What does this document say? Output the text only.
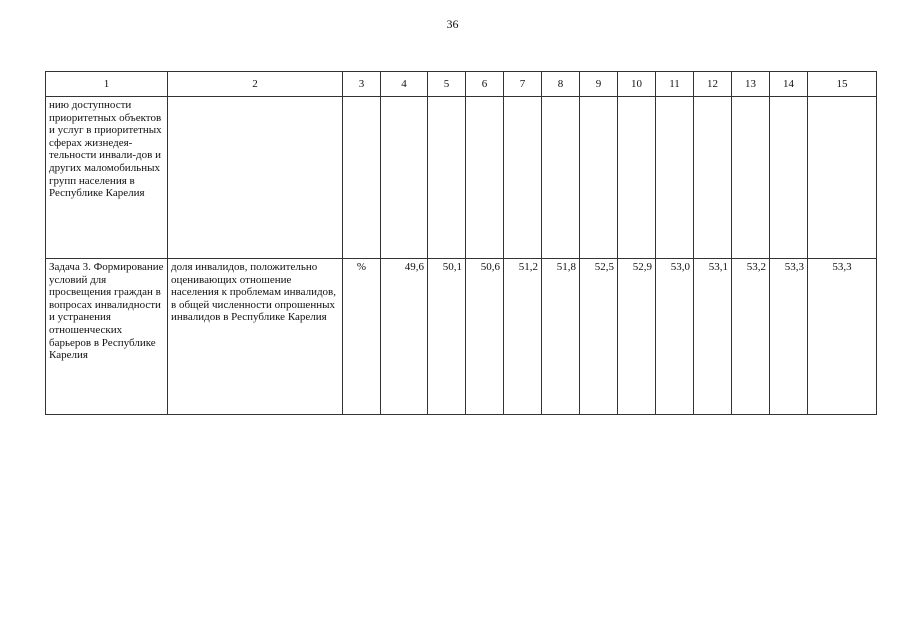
36
1	2	3	4	5	6	7	8	9	10	11	12	13	14	15
нию доступности приоритетных объектов и услуг в приоритетных сферах жизнедея-тельности инвали-дов и других маломобильных групп населения в Республике Карелия														
Задача 3. Формирование условий для просвещения граждан в вопросах инвалидности и устранения отношенческих барьеров в Республике Карелия	доля инвалидов, положительно оценивающих отношение населения к проблемам инвалидов, в общей численности опрошенных инвалидов в Республике Карелия	%	49,6	50,1	50,6	51,2	51,8	52,5	52,9	53,0	53,1	53,2	53,3	53,3
